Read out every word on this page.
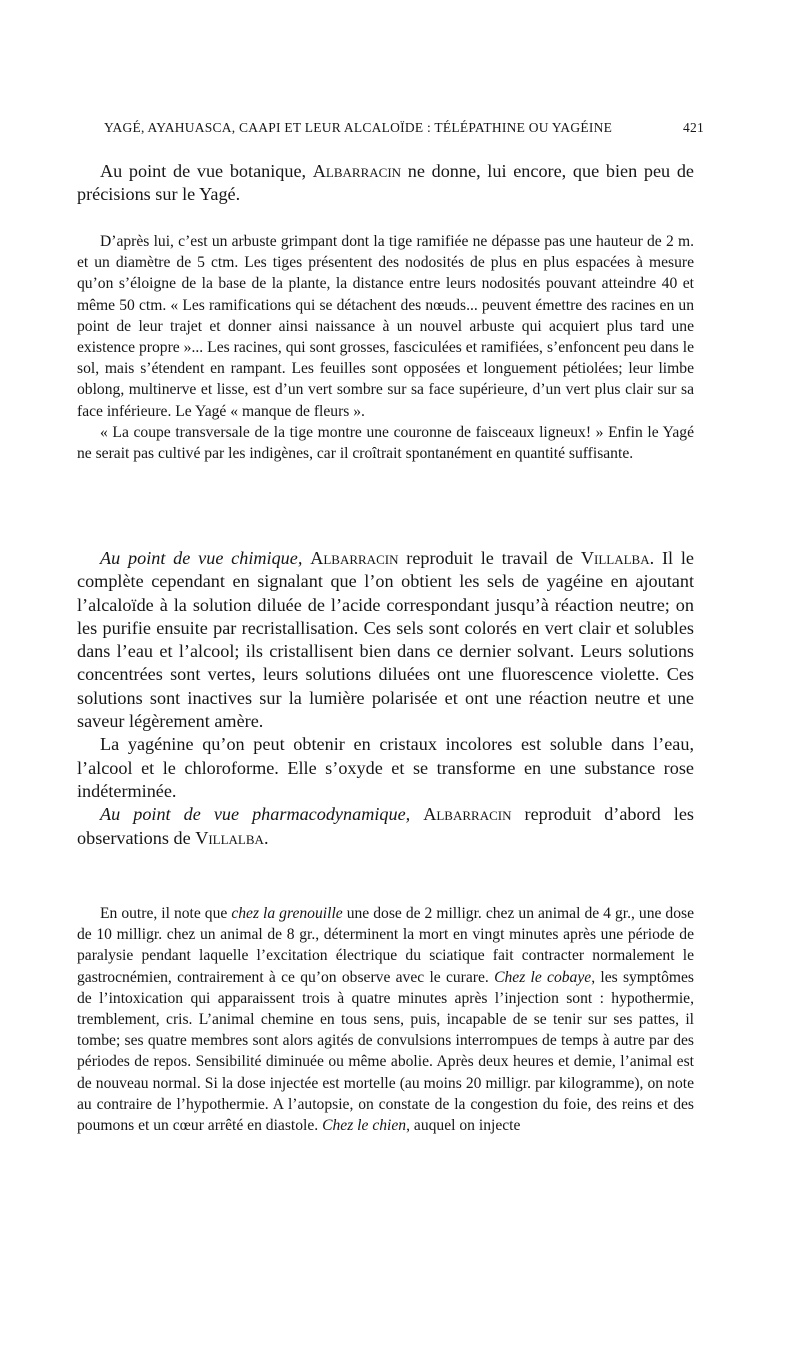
YAGÉ, AYAHUASCA, CAAPI ET LEUR ALCALOÏDE : TÉLÉPATHINE OU YAGÉINE	421

Au point de vue botanique, Albarracin ne donne, lui encore, que bien peu de précisions sur le Yagé.

D’après lui, c’est un arbuste grimpant dont la tige ramifiée ne dépasse pas une hauteur de 2 m. et un diamètre de 5 ctm. Les tiges présentent des nodosités de plus en plus espacées à mesure qu’on s’éloigne de la base de la plante, la distance entre leurs nodosités pouvant atteindre 40 et même 50 ctm. « Les ramifications qui se détachent des nœuds... peuvent émettre des racines en un point de leur trajet et donner ainsi naissance à un nouvel arbuste qui acquiert plus tard une existence propre »... Les racines, qui sont grosses, fasciculées et ramifiées, s’enfoncent peu dans le sol, mais s’étendent en rampant. Les feuilles sont opposées et longuement pétiolées; leur limbe oblong, multinerve et lisse, est d’un vert sombre sur sa face supérieure, d’un vert plus clair sur sa face inférieure. Le Yagé « manque de fleurs ».

« La coupe transversale de la tige montre une couronne de faisceaux ligneux! » Enfin le Yagé ne serait pas cultivé par les indigènes, car il croîtrait spontanément en quantité suffisante.

Au point de vue chimique, Albarracin reproduit le travail de Villalba. Il le complète cependant en signalant que l’on obtient les sels de yagéine en ajoutant l’alcaloïde à la solution diluée de l’acide correspondant jusqu’à réaction neutre; on les purifie ensuite par recristallisation. Ces sels sont colorés en vert clair et solubles dans l’eau et l’alcool; ils cristallisent bien dans ce dernier solvant. Leurs solutions concentrées sont vertes, leurs solutions diluées ont une fluorescence violette. Ces solutions sont inactives sur la lumière polarisée et ont une réaction neutre et une saveur légèrement amère.

La yagénine qu’on peut obtenir en cristaux incolores est soluble dans l’eau, l’alcool et le chloroforme. Elle s’oxyde et se transforme en une substance rose indéterminée.

Au point de vue pharmacodynamique, Albarracin reproduit d’abord les observations de Villalba.

En outre, il note que chez la grenouille une dose de 2 milligr. chez un animal de 4 gr., une dose de 10 milligr. chez un animal de 8 gr., déterminent la mort en vingt minutes après une période de paralysie pendant laquelle l’excitation électrique du sciatique fait contracter normalement le gastrocnémien, contrairement à ce qu’on observe avec le curare. Chez le cobaye, les symptômes de l’intoxication qui apparaissent trois à quatre minutes après l’injection sont : hypothermie, tremblement, cris. L’animal chemine en tous sens, puis, incapable de se tenir sur ses pattes, il tombe; ses quatre membres sont alors agités de convulsions interrompues de temps à autre par des périodes de repos. Sensibilité diminuée ou même abolie. Après deux heures et demie, l’animal est de nouveau normal. Si la dose injectée est mortelle (au moins 20 milligr. par kilogramme), on note au contraire de l’hypothermie. A l’autopsie, on constate de la congestion du foie, des reins et des poumons et un cœur arrêté en diastole. Chez le chien, auquel on injecte
